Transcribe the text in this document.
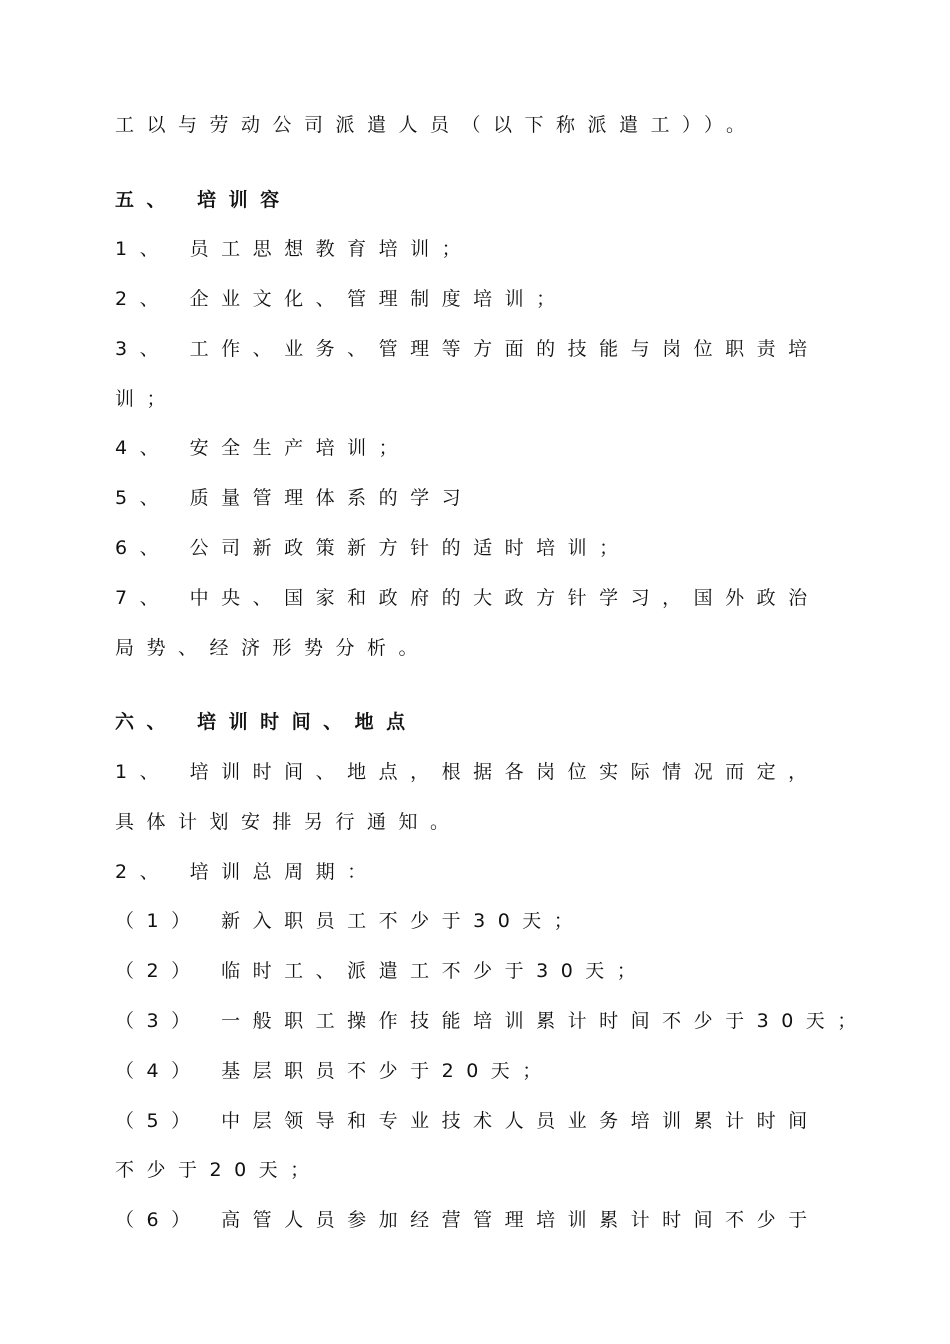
工以与劳动公司派遣人员（以下称派遣工））。
五、 培训容
1、 员工思想教育培训；
2、 企业文化、管理制度培训；
3、 工作、业务、管理等方面的技能与岗位职责培
训；
4、 安全生产培训；
5、 质量管理体系的学习
6、 公司新政策新方针的适时培训；
7、 中央、国家和政府的大政方针学习，国外政治
局势、经济形势分析。
六、 培训时间、地点
1、 培训时间、地点，根据各岗位实际情况而定，
具体计划安排另行通知。
2、 培训总周期：
（1） 新入职员工不少于30天；
（2） 临时工、派遣工不少于30天；
（3） 一般职工操作技能培训累计时间不少于30天；
（4） 基层职员不少于20天；
（5） 中层领导和专业技术人员业务培训累计时间
不少于20天；
（6） 高管人员参加经营管理培训累计时间不少于
